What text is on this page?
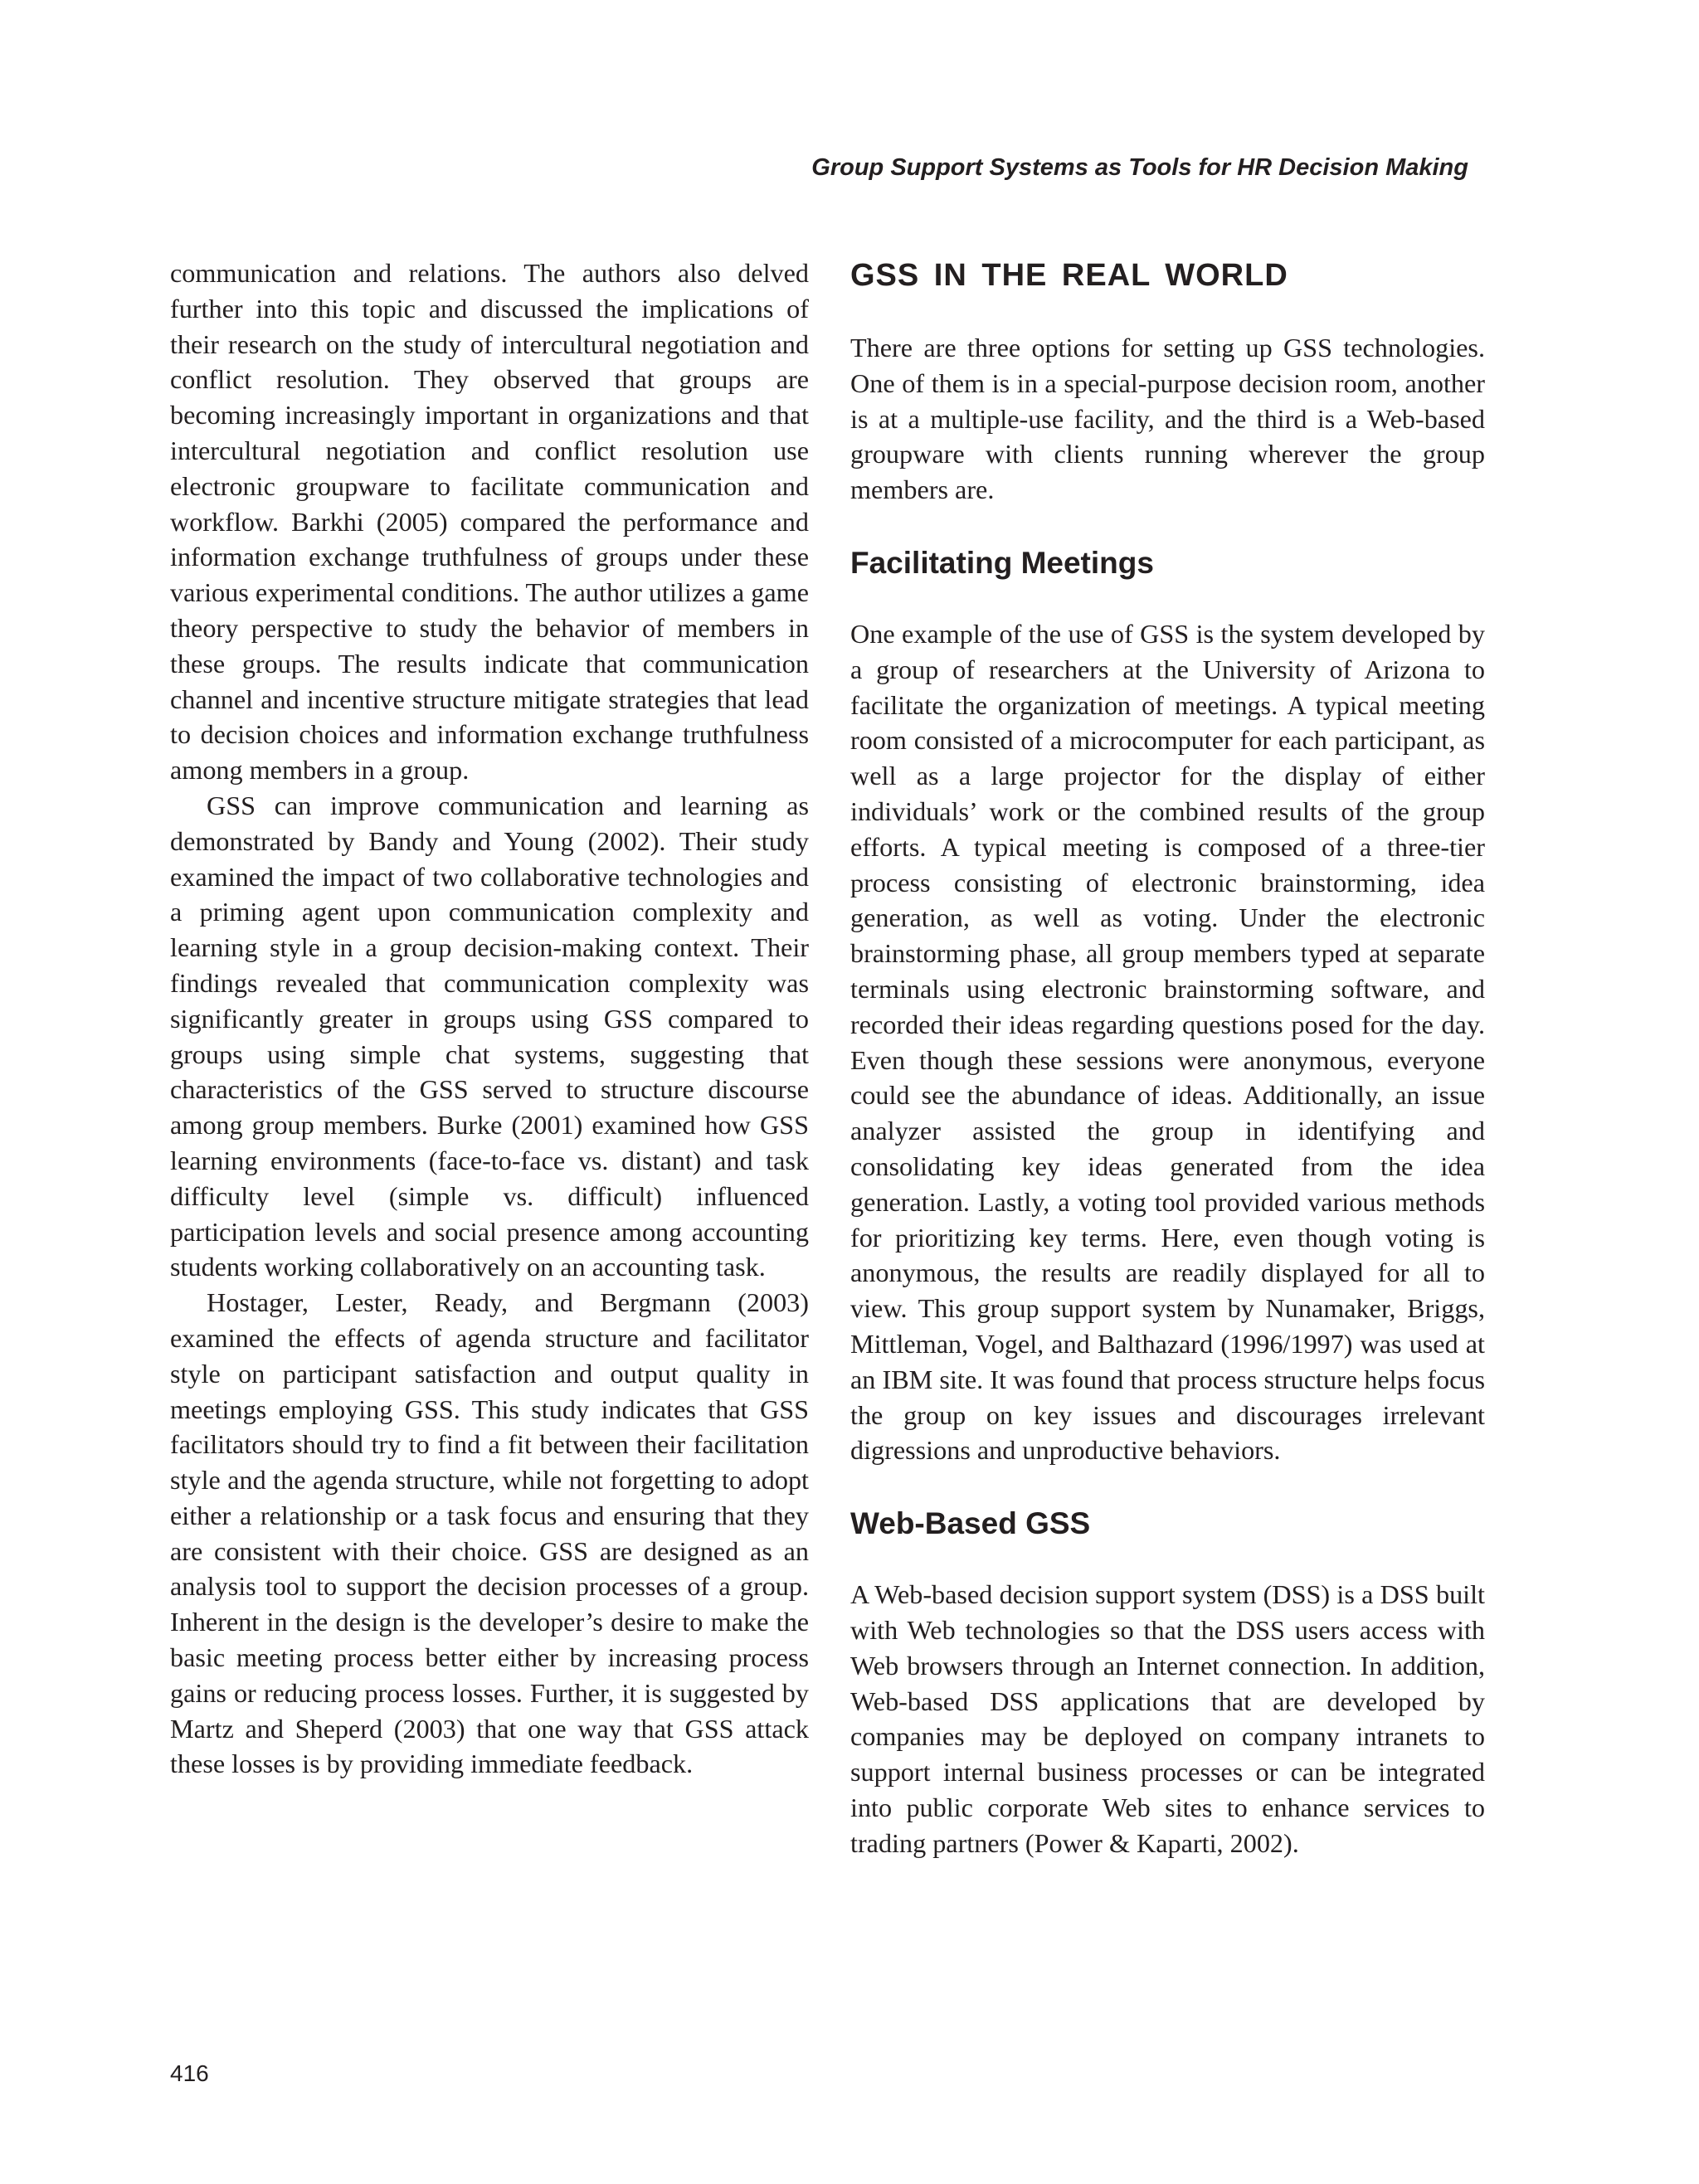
Group Support Systems as Tools for HR Decision Making

communication and relations. The authors also delved further into this topic and discussed the implications of their research on the study of intercultural negotiation and conflict resolution. They observed that groups are becoming increasingly important in organizations and that intercultural negotiation and conflict resolution use electronic groupware to facilitate communication and workflow. Barkhi (2005) compared the performance and information exchange truthfulness of groups under these various experimental conditions. The author utilizes a game theory perspective to study the behavior of members in these groups. The results indicate that communication channel and incentive structure mitigate strategies that lead to decision choices and information exchange truthfulness among members in a group.

GSS can improve communication and learning as demonstrated by Bandy and Young (2002). Their study examined the impact of two collaborative technologies and a priming agent upon communication complexity and learning style in a group decision-making context. Their findings revealed that communication complexity was significantly greater in groups using GSS compared to groups using simple chat systems, suggesting that characteristics of the GSS served to structure discourse among group members. Burke (2001) examined how GSS learning environments (face-to-face vs. distant) and task difficulty level (simple vs. difficult) influenced participation levels and social presence among accounting students working collaboratively on an accounting task.

Hostager, Lester, Ready, and Bergmann (2003) examined the effects of agenda structure and facilitator style on participant satisfaction and output quality in meetings employing GSS. This study indicates that GSS facilitators should try to find a fit between their facilitation style and the agenda structure, while not forgetting to adopt either a relationship or a task focus and ensuring that they are consistent with their choice. GSS are designed as an analysis tool to support the decision processes of a group. Inherent in the design is the developer’s desire to make the basic meeting process better either by increasing process gains or reducing process losses. Further, it is suggested by Martz and Sheperd (2003) that one way that GSS attack these losses is by providing immediate feedback.

GSS IN THE REAL WORLD

There are three options for setting up GSS technologies. One of them is in a special-purpose decision room, another is at a multiple-use facility, and the third is a Web-based groupware with clients running wherever the group members are.

Facilitating Meetings

One example of the use of GSS is the system developed by a group of researchers at the University of Arizona to facilitate the organization of meetings. A typical meeting room consisted of a microcomputer for each participant, as well as a large projector for the display of either individuals’ work or the combined results of the group efforts. A typical meeting is composed of a three-tier process consisting of electronic brainstorming, idea generation, as well as voting. Under the electronic brainstorming phase, all group members typed at separate terminals using electronic brainstorming software, and recorded their ideas regarding questions posed for the day. Even though these sessions were anonymous, everyone could see the abundance of ideas. Additionally, an issue analyzer assisted the group in identifying and consolidating key ideas generated from the idea generation. Lastly, a voting tool provided various methods for prioritizing key terms. Here, even though voting is anonymous, the results are readily displayed for all to view. This group support system by Nunamaker, Briggs, Mittleman, Vogel, and Balthazard (1996/1997) was used at an IBM site. It was found that process structure helps focus the group on key issues and discourages irrelevant digressions and unproductive behaviors.

Web-Based GSS

A Web-based decision support system (DSS) is a DSS built with Web technologies so that the DSS users access with Web browsers through an Internet connection. In addition, Web-based DSS applications that are developed by companies may be deployed on company intranets to support internal business processes or can be integrated into public corporate Web sites to enhance services to trading partners (Power & Kaparti, 2002).

416
